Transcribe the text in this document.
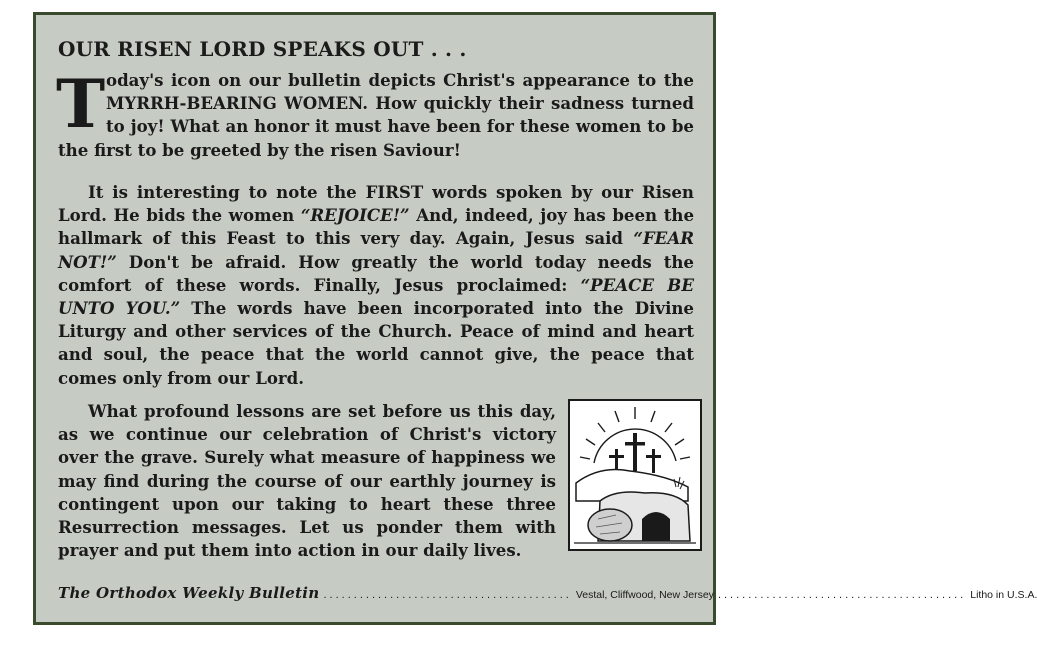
OUR RISEN LORD SPEAKS OUT . . .

Today's icon on our bulletin depicts Christ's appearance to the MYRRH-BEARING WOMEN. How quickly their sadness turned to joy! What an honor it must have been for these women to be the first to be greeted by the risen Saviour!

It is interesting to note the FIRST words spoken by our Risen Lord. He bids the women “REJOICE!” And, indeed, joy has been the hallmark of this Feast to this very day. Again, Jesus said “FEAR NOT!” Don't be afraid. How greatly the world today needs the comfort of these words. Finally, Jesus proclaimed: “PEACE BE UNTO YOU.” The words have been incorporated into the Divine Liturgy and other services of the Church. Peace of mind and heart and soul, the peace that the world cannot give, the peace that comes only from our Lord.

What profound lessons are set before us this day, as we continue our celebration of Christ's victory over the grave. Surely what measure of happiness we may find during the course of our earthly journey is contingent upon our taking to heart these three Resurrection messages. Let us ponder them with prayer and put them into action in our daily lives.

The Orthodox Weekly Bulletin ......................................... Vestal, Cliffwood, New Jersey ......................................... Litho in U.S.A.
